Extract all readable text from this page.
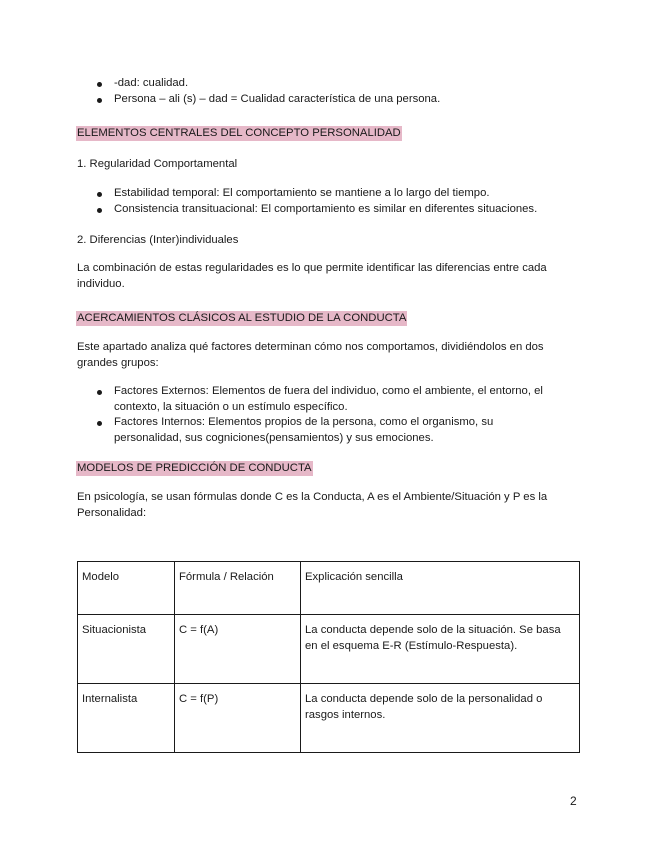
-dad: cualidad.
Persona – ali (s) – dad = Cualidad característica de una persona.
ELEMENTOS CENTRALES DEL CONCEPTO PERSONALIDAD
1. Regularidad Comportamental
Estabilidad temporal: El comportamiento se mantiene a lo largo del tiempo.
Consistencia transituacional: El comportamiento es similar en diferentes situaciones.
2. Diferencias (Inter)individuales
La combinación de estas regularidades es lo que permite identificar las diferencias entre cada
individuo.
ACERCAMIENTOS CLÁSICOS AL ESTUDIO DE LA CONDUCTA
Este apartado analiza qué factores determinan cómo nos comportamos, dividiéndolos en dos
grandes grupos:
Factores Externos: Elementos de fuera del individuo, como el ambiente, el entorno, el
contexto, la situación o un estímulo específico.
Factores Internos: Elementos propios de la persona, como el organismo, su
personalidad, sus cogniciones(pensamientos) y sus emociones.
MODELOS DE PREDICCIÓN DE CONDUCTA
En psicología, se usan fórmulas donde C es la Conducta, A es el Ambiente/Situación y P es la
Personalidad:
Modelo	Fórmula / Relación	Explicación sencilla
Situacionista	C = f(A)	La conducta depende solo de la situación. Se basa
en el esquema E-R (Estímulo-Respuesta).

Internalista	C = f(P)	La conducta depende solo de la personalidad o
rasgos internos.
2
